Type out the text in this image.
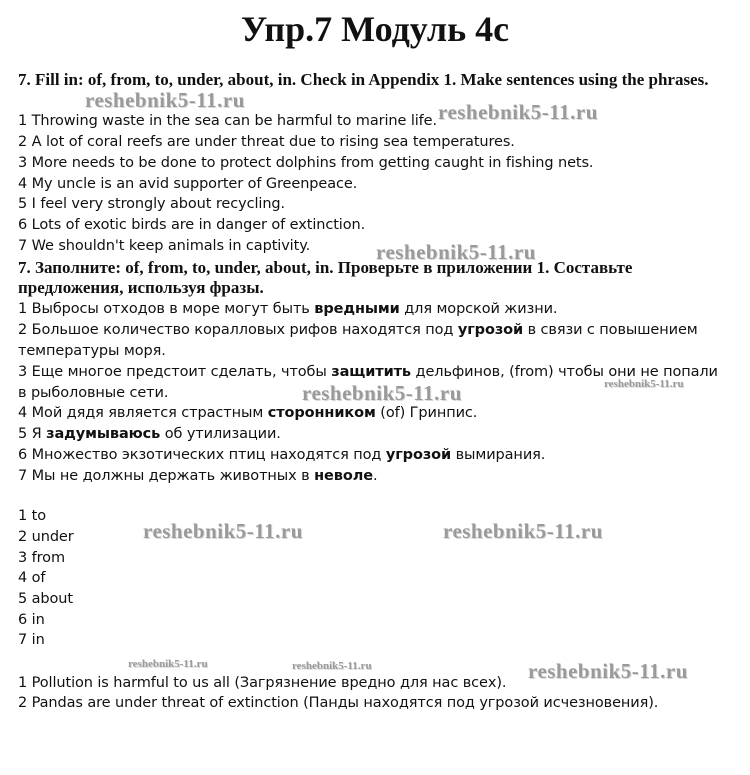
Упр.7 Модуль 4c
7. Fill in: of, from, to, under, about, in. Check in Appendix 1. Make sentences using the phrases.
1 Throwing waste in the sea can be harmful to marine life.
2 A lot of coral reefs are under threat due to rising sea temperatures.
3 More needs to be done to protect dolphins from getting caught in fishing nets.
4 My uncle is an avid supporter of Greenpeace.
5 I feel very strongly about recycling.
6 Lots of exotic birds are in danger of extinction.
7 We shouldn't keep animals in captivity.
7. Заполните: of, from, to, under, about, in. Проверьте в приложении 1. Составьте предложения, используя фразы.
1 Выбросы отходов в море могут быть вредными для морской жизни.
2 Большое количество коралловых рифов находятся под угрозой в связи с повышением
температуры моря.
3 Еще многое предстоит сделать, чтобы защитить дельфинов, (from) чтобы они не попали
в рыболовные сети.
4 Мой дядя является страстным сторонником (of) Гринпис.
5 Я задумываюсь об утилизации.
6 Множество экзотических птиц находятся под угрозой вымирания.
7 Мы не должны держать животных в неволе.
1 to
2 under
3 from
4 of
5 about
6 in
7 in
1 Pollution is harmful to us all (Загрязнение вредно для нас всех).
2 Pandas are under threat of extinction (Панды находятся под угрозой исчезновения).
reshebnik5-11.ru	reshebnik5-11.ru
reshebnik5-11.ru
reshebnik5-11.ru	reshebnik5-11.ru
reshebnik5-11.ru	reshebnik5-11.ru
reshebnik5-11.ru	reshebnik5-11.ru	reshebnik5-11.ru
